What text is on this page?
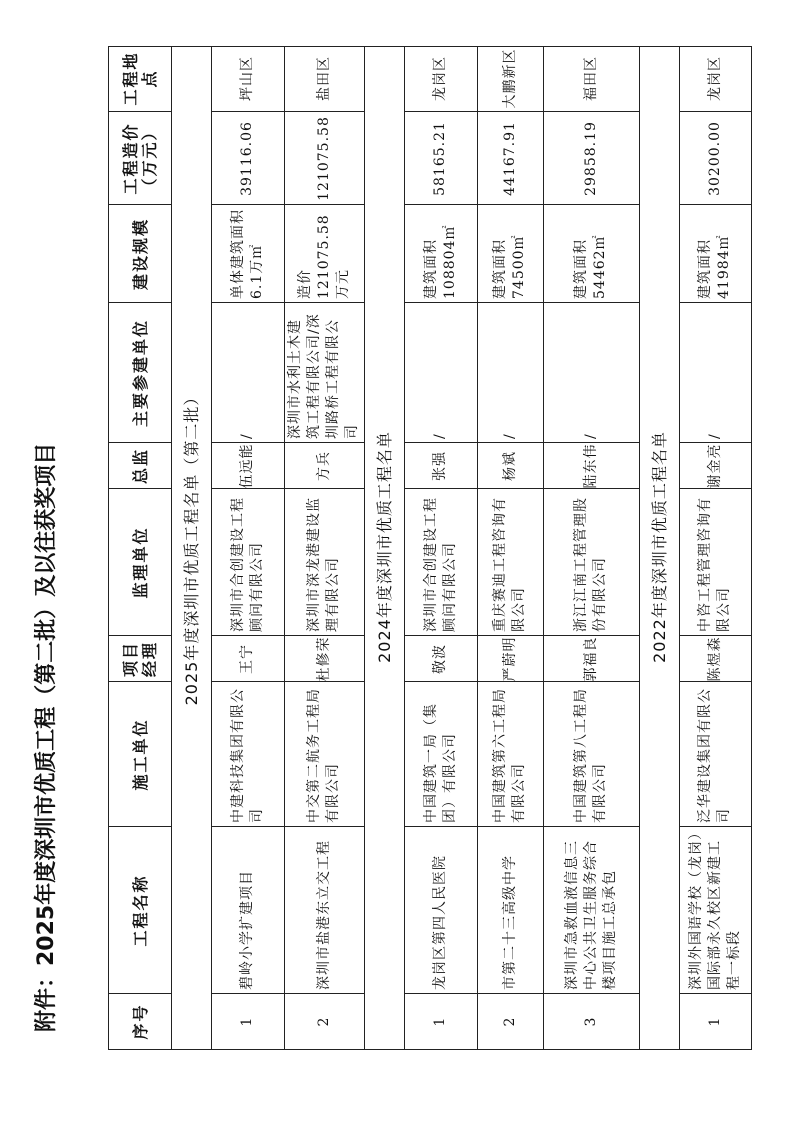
附件：2025年度深圳市优质工程（第二批）及以往获奖项目	序号
工程名称
施工单位
项目经理
监理单位
总监
主要参建单位
建设规模
工程造价（万元）
工程地点
2025年度深圳市优质工程名单（第二批）
1
碧岭小学扩建项目
中建科技集团有限公司
王宁
深圳市合创建设工程顾问有限公司
伍远能
/
单体建筑面积6.1万㎡
39116.06
坪山区
2
深圳市盐港东立交工程
中交第二航务工程局有限公司
杜修荣
深圳市深龙港建设监理有限公司
方兵
深圳市水利土木建筑工程有限公司/深圳路桥工程有限公司
造价121075.58万元
121075.58
盐田区
2024年度深圳市优质工程名单
1
龙岗区第四人民医院
中国建筑一局（集团）有限公司
敬波
深圳市合创建设工程顾问有限公司
张强
/
建筑面积108804㎡
58165.21
龙岗区
2
市第二十三高级中学
中国建筑第六工程局有限公司
严蔚明
重庆赛迪工程咨询有限公司
杨斌
/
建筑面积74500㎡
44167.91
大鹏新区
3
深圳市急救血液信息三中心公共卫生服务综合楼项目施工总承包
中国建筑第八工程局有限公司
郭福良
浙江江南工程管理股份有限公司
陆东伟
/
建筑面积54462㎡
29858.19
福田区
2022年度深圳市优质工程名单
1
深圳外国语学校（龙岗）国际部永久校区新建工程一标段
泛华建设集团有限公司
陈煜森
中咨工程管理咨询有限公司
谢金亮
/
建筑面积41984㎡
30200.00
龙岗区
